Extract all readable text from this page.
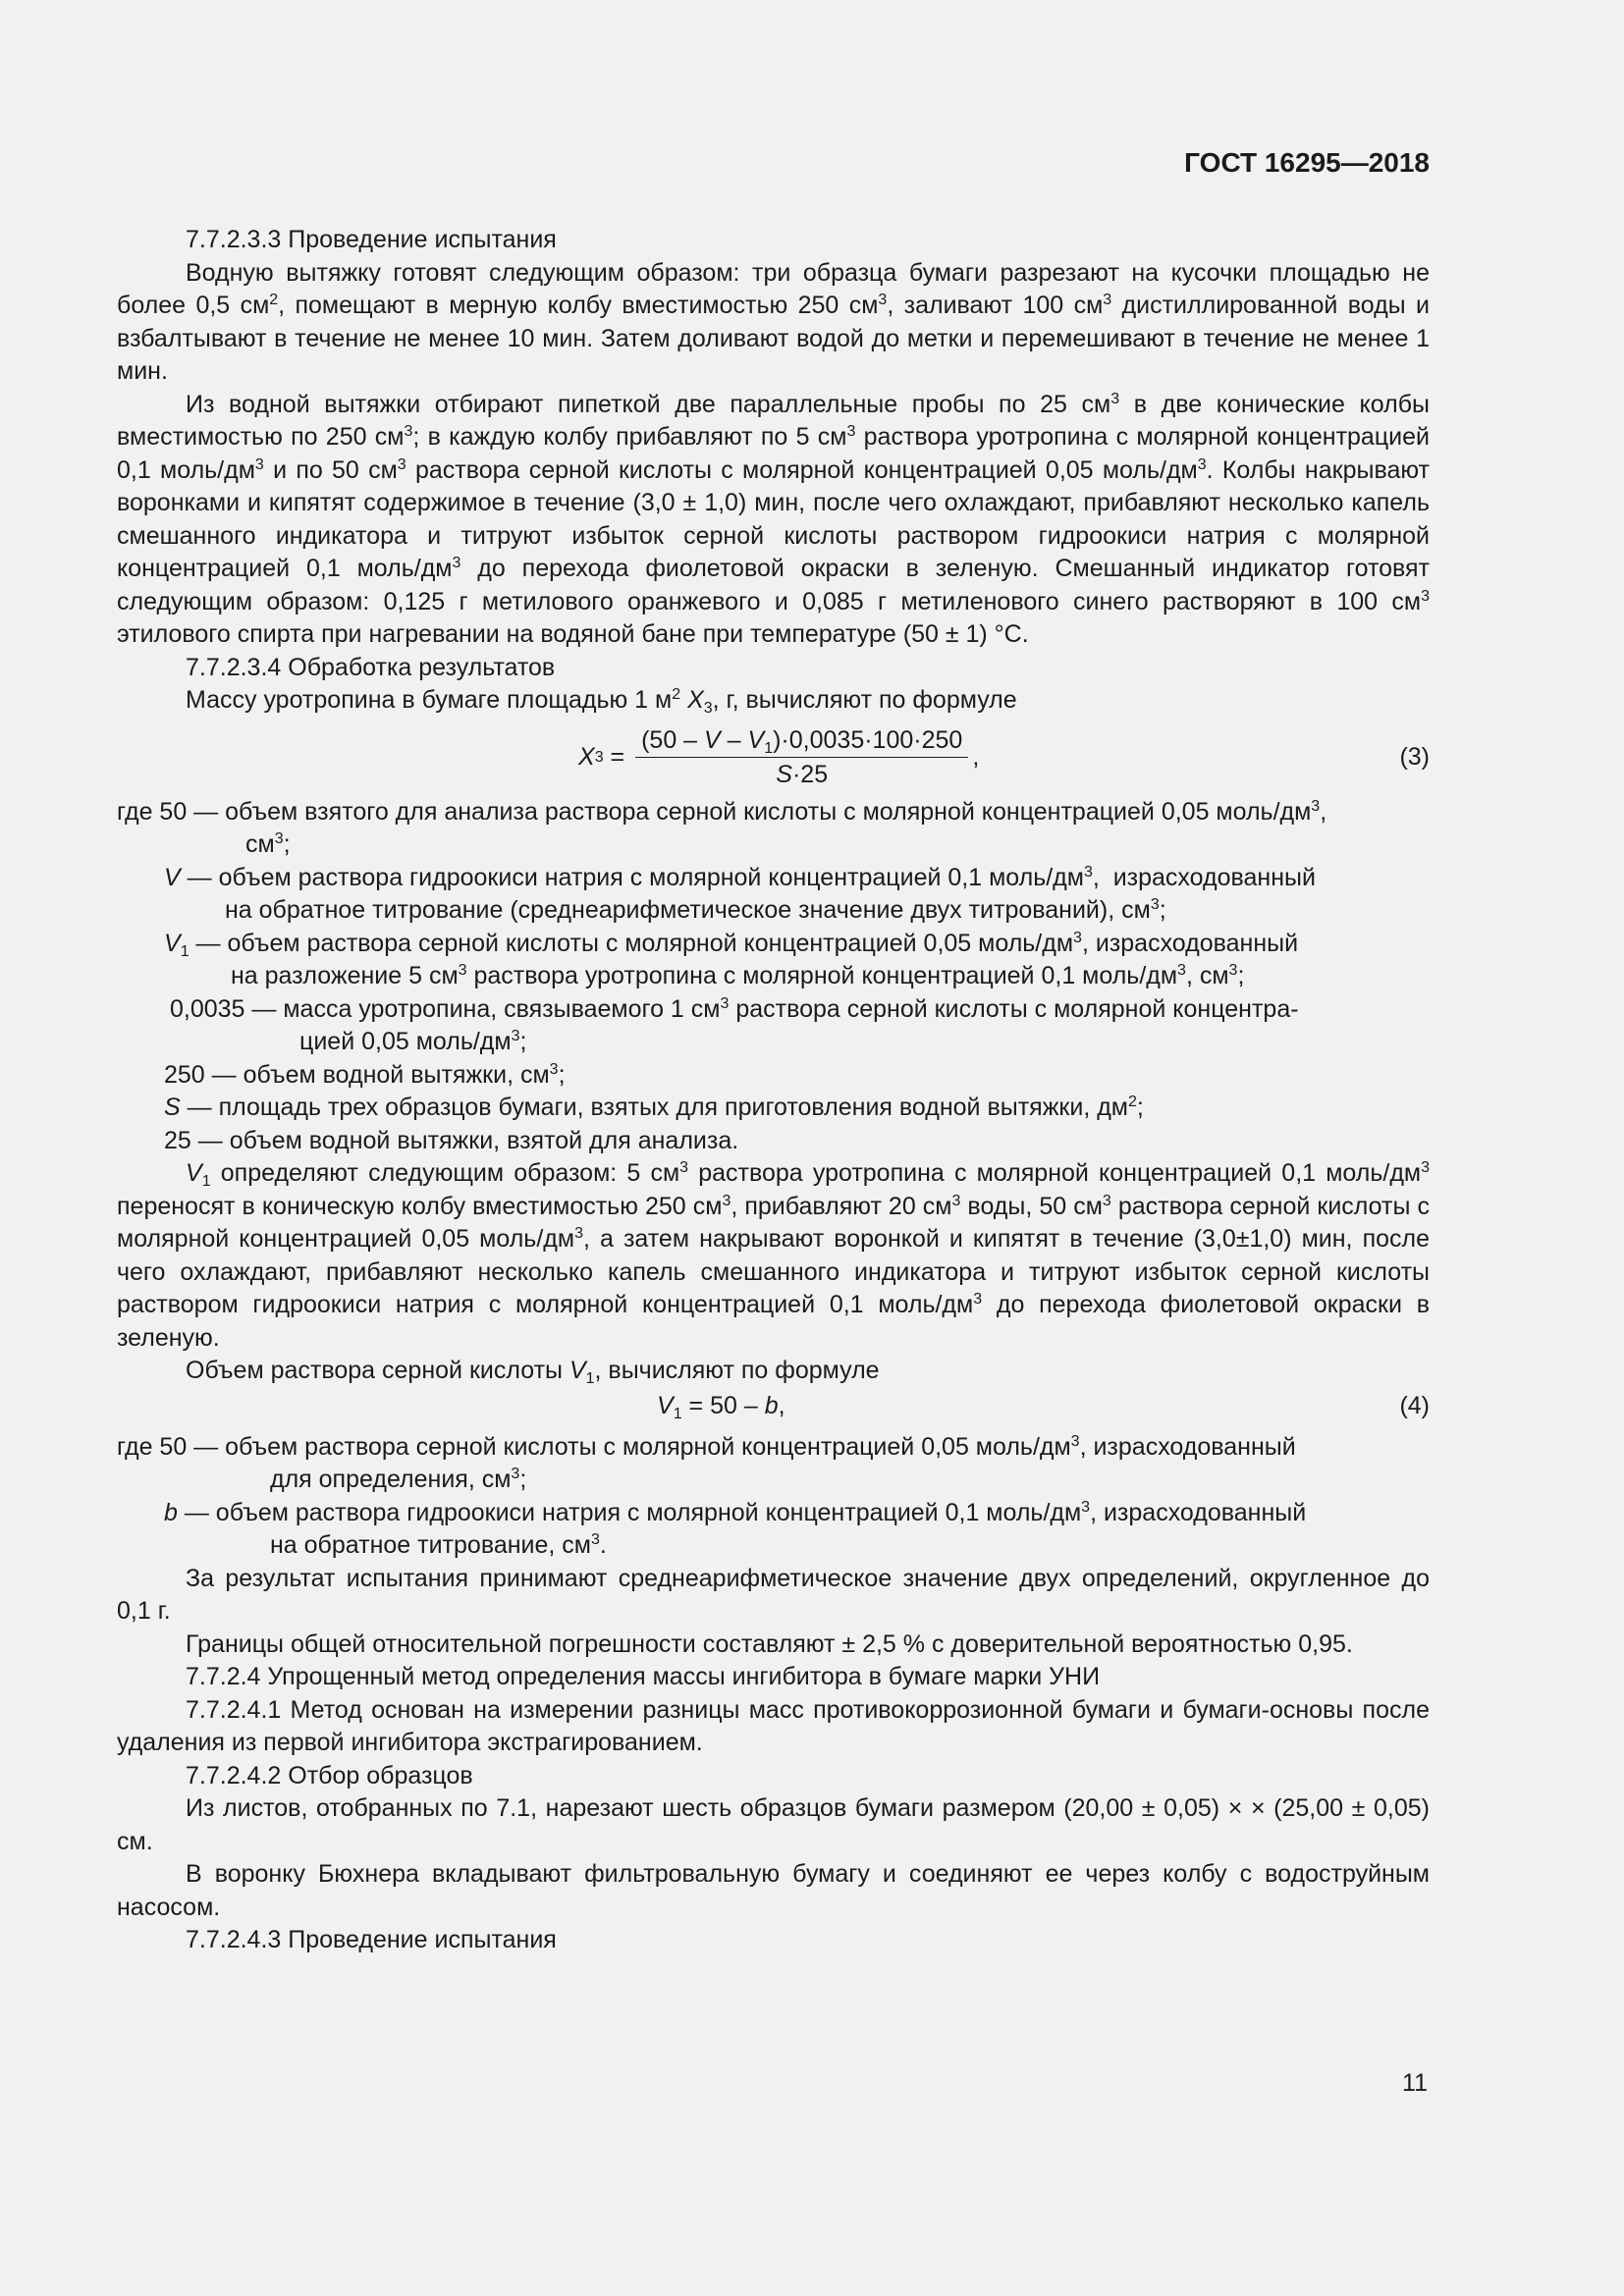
ГОСТ 16295—2018

7.7.2.3.3 Проведение испытания

Водную вытяжку готовят следующим образом: три образца бумаги разрезают на кусочки площадью не более 0,5 $см^2$, помещают в мерную колбу вместимостью 250 $см^3$, заливают 100 $см^3$ дистиллированной воды и взбалтывают в течение не менее 10 мин. Затем доливают водой до метки и перемешивают в течение не менее 1 мин.

Из водной вытяжки отбирают пипеткой две параллельные пробы по 25 $см^3$ в две конические колбы вместимостью по 250 $см^3$; в каждую колбу прибавляют по 5 $см^3$ раствора уротропина с молярной концентрацией 0,1 моль/$дм^3$ и по 50 $см^3$ раствора серной кислоты с молярной концентрацией 0,05 моль/$дм^3$. Колбы накрывают воронками и кипятят содержимое в течение (3,0 ± 1,0) мин, после чего охлаждают, прибавляют несколько капель смешанного индикатора и титруют избыток серной кислоты раствором гидроокиси натрия с молярной концентрацией 0,1 моль/$дм^3$ до перехода фиолетовой окраски в зеленую. Смешанный индикатор готовят следующим образом: 0,125 г метилового оранжевого и 0,085 г метиленового синего растворяют в 100 $см^3$ этилового спирта при нагревании на водяной бане при температуре (50 ± 1) °С.

7.7.2.3.4 Обработка результатов

Массу уротропина в бумаге площадью 1 $м^2$ $X_3$, г, вычисляют по формуле

X $3 = \frac{(50 - V - V_1)\cdot 0,0035\cdot 100\cdot 250}{S\cdot 25}$ ,	(3)

где 50 — объем взятого для анализа раствора серной кислоты с молярной концентрацией 0,05 моль/$дм^3$,
$см^3$;

V — объем раствора гидроокиси натрия с молярной концентрацией 0,1 моль/$дм^3$,  израсходованный
на обратное титрование (среднеарифметическое значение двух титрований), $см^3$;

$V_1$ — объем раствора серной кислоты с молярной концентрацией 0,05 моль/$дм^3$, израсходованный
на разложение 5 $см^3$ раствора уротропина с молярной концентрацией 0,1 моль/$дм^3$, $см^3$;

0,0035 — масса уротропина, связываемого 1 $см^3$ раствора серной кислоты с молярной концентра-
цией 0,05 моль/$дм^3$;

250 — объем водной вытяжки, $см^3$;

S — площадь трех образцов бумаги, взятых для приготовления водной вытяжки, $дм^2$;

25 — объем водной вытяжки, взятой для анализа.

$V_1$ определяют следующим образом: 5 $см^3$ раствора уротропина с молярной концентрацией 0,1 моль/$дм^3$ переносят в коническую колбу вместимостью 250 $см^3$, прибавляют 20 $см^3$ воды, 50 $см^3$ раствора серной кислоты с молярной концентрацией 0,05 моль/$дм^3$, а затем накрывают воронкой и кипятят в течение (3,0±1,0) мин, после чего охлаждают, прибавляют несколько капель смешанного индикатора и титруют избыток серной кислоты раствором гидроокиси натрия с молярной концентрацией 0,1 моль/$дм^3$ до перехода фиолетовой окраски в зеленую.

Объем раствора серной кислоты $V_1$, вычисляют по формуле

$V_1 = 50 - b$,	(4)

где 50 — объем раствора серной кислоты с молярной концентрацией 0,05 моль/$дм^3$, израсходованный
для определения, $см^3$;

b — объем раствора гидроокиси натрия с молярной концентрацией 0,1 моль/$дм^3$, израсходованный
на обратное титрование, $см^3$.

За результат испытания принимают среднеарифметическое значение двух определений, округленное до 0,1 г.

Границы общей относительной погрешности составляют ± 2,5 % с доверительной вероятностью 0,95.

7.7.2.4 Упрощенный метод определения массы ингибитора в бумаге марки УНИ

7.7.2.4.1 Метод основан на измерении разницы масс противокоррозионной бумаги и бумаги-основы после удаления из первой ингибитора экстрагированием.

7.7.2.4.2 Отбор образцов

Из листов, отобранных по 7.1, нарезают шесть образцов бумаги размером (20,00 ± 0,05) × × (25,00 ± 0,05) см.

В воронку Бюхнера вкладывают фильтровальную бумагу и соединяют ее через колбу с водоструйным насосом.

7.7.2.4.3 Проведение испытания

11
